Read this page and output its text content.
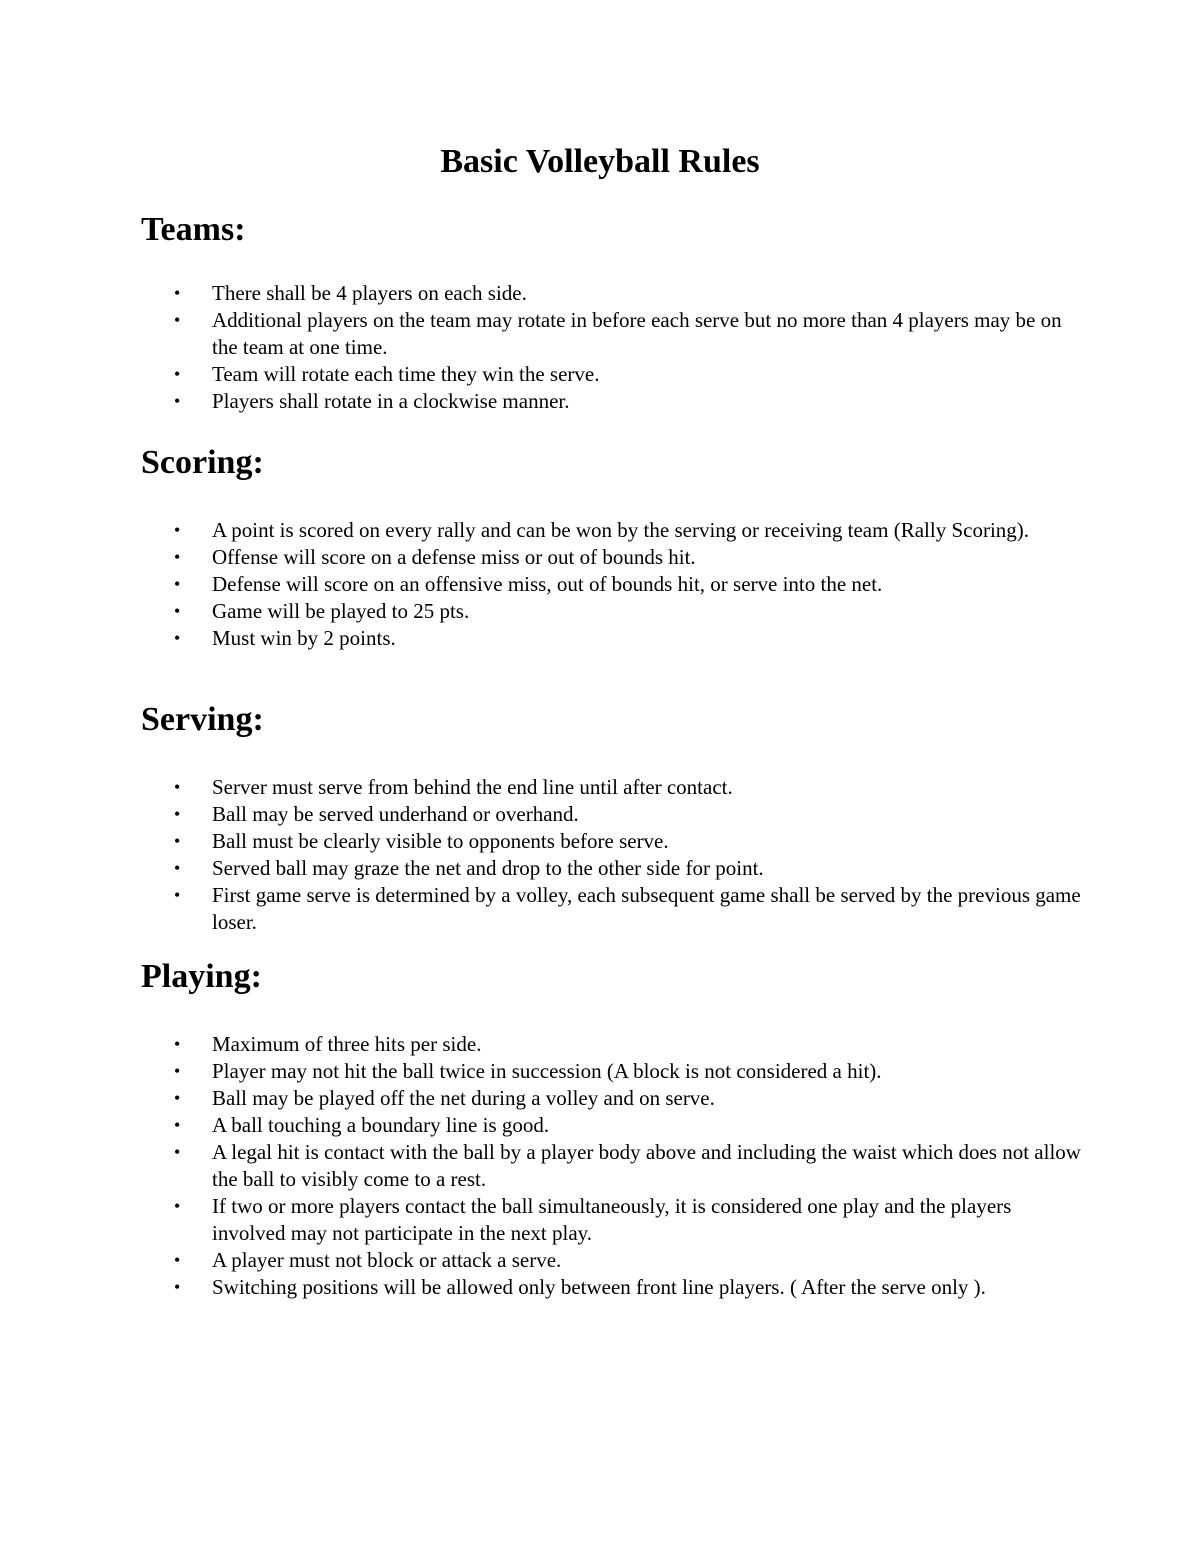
Basic Volleyball Rules
Teams:
• There shall be 4 players on each side.
• Additional players on the team may rotate in before each serve but no more than 4 players may be on the team at one time.
• Team will rotate each time they win the serve.
• Players shall rotate in a clockwise manner.
Scoring:
• A point is scored on every rally and can be won by the serving or receiving team (Rally Scoring).
• Offense will score on a defense miss or out of bounds hit.
• Defense will score on an offensive miss, out of bounds hit, or serve into the net.
• Game will be played to 25 pts.
• Must win by 2 points.
Serving:
• Server must serve from behind the end line until after contact.
• Ball may be served underhand or overhand.
• Ball must be clearly visible to opponents before serve.
• Served ball may graze the net and drop to the other side for point.
• First game serve is determined by a volley, each subsequent game shall be served by the previous game loser.
Playing:
• Maximum of three hits per side.
• Player may not hit the ball twice in succession (A block is not considered a hit).
• Ball may be played off the net during a volley and on serve.
• A ball touching a boundary line is good.
• A legal hit is contact with the ball by a player body above and including the waist which does not allow the ball to visibly come to a rest.
• If two or more players contact the ball simultaneously, it is considered one play and the players involved may not participate in the next play.
• A player must not block or attack a serve.
• Switching positions will be allowed only between front line players. ( After the serve only ).
